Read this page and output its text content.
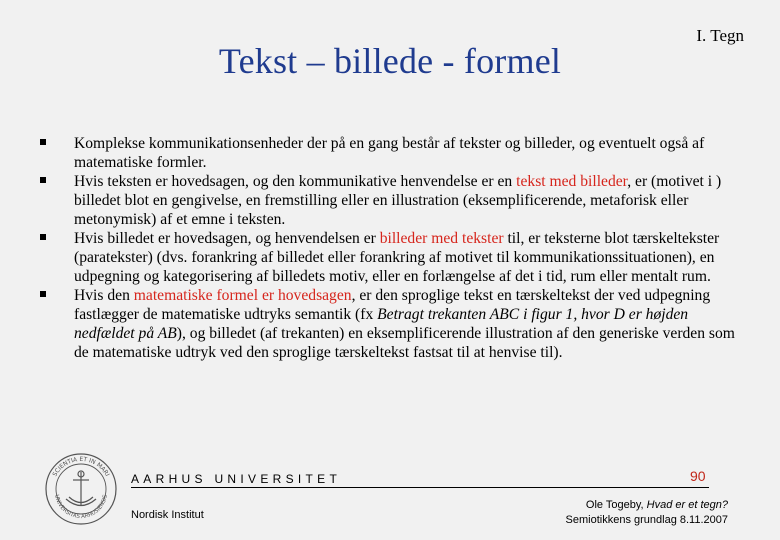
Tekst – billede - formel
I. Tegn
Komplekse kommunikationsenheder der på en gang består af tekster og billeder, og eventuelt også af matematiske formler.
Hvis teksten er hovedsagen, og den kommunikative henvendelse er en tekst med billeder, er (motivet i ) billedet blot en gengivelse, en fremstilling eller en illustration (eksemplificerende, metaforisk eller metonymisk) af et emne i teksten.
Hvis billedet er hovedsagen, og henvendelsen er billeder med tekster til, er teksterne blot tærskeltekster (paratekster) (dvs. forankring af billedet eller forankring af motivet til kommunikationssituationen), en udpegning og kategorisering af billedets motiv, eller en forlængelse af det i tid, rum eller mentalt rum.
Hvis den matematiske formel er hovedsagen, er den sproglige tekst en tærskeltekst der ved udpegning fastlægger de matematiske udtryks semantik (fx Betragt trekanten ABC i figur 1, hvor D er højden nedfældet på AB), og billedet (af trekanten) en eksemplificerende illustration af den generiske verden som de matematiske udtryk ved den sproglige tærskeltekst fastsat til at henvise til).
SCIENTIA ET IN MARI
UNIVERSITAS ARHUSIENSIS
AARHUS UNIVERSITET	90
Nordisk Institut
Ole Togeby, Hvad er et tegn?
Semiotikkens grundlag 8.11.2007
